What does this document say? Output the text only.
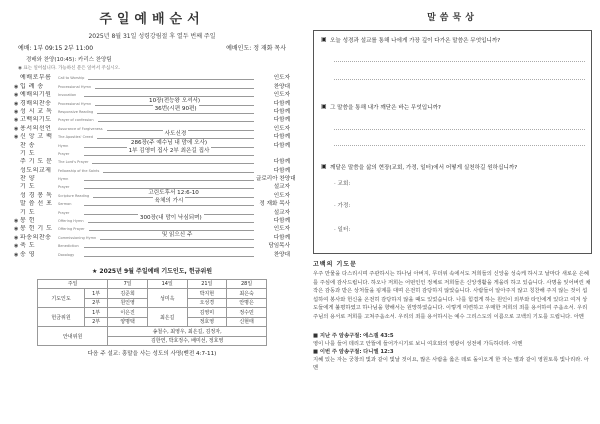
주일예배순서
2025년 8월 31일 성령강림절 후 열두 번째 주일
예배: 1부 09:15 2부 11:00	예배인도: 정 재화 목사
경배와 찬양(10:45): 카리스 찬양팀
◉ 표는 일어섭니다. 가능하신 분은 일어서 주십시오.
예배로부름	Call to Worship	인도자
◉ 입 례 송	Processional Hymn	찬양대
◉ 예배의기원	Invocation	인도자
◉ 경배의찬송	Processional Hymn	10장(전능왕 오셔서)	다함께
◉ 성 시 교 독	Responsive Reading	36번(시편 90편)	다함께
◉ 고백의기도	Prayer of confession	다함께
◉ 용서의선언	Assurance of Forgiveness	인도자
◉ 신 앙 고 백	The Apostles' Creed	사도신경	다함께
찬 송	Hymn	286장(주 예수님 내 맘에 오사)	다함께
기 도	Prayer	1부 김영미 집사 2부 최은길 집사
주 기 도 문	The Lord's Prayer	다함께
성도의교제	Fellowship of the Saints	다함께
찬 양	Hymn	글로리아 찬양대
기 도	Prayer	설교자
성 경 봉 독	Scripture Reading	고린도후서 12:6-10	인도자
말 씀 선 포	Sermon	육체의 가시	정 재화 목사
기 도	Prayer	설교자
◉ 봉 헌	Offering Hymn	300장(내 맘이 낙심되며)	다함께
◉ 봉 헌 기 도	Offering Prayer	인도자
◉ 파송의찬송	Commissioning Hymn	및 읽으신 주	다함께
◉ 축 도	Benediction	담임목사
◉ 송 영	Doxology	찬양대
★ 2025년 9월 주일예배 기도인도, 헌금위원
주일		7일	14일	21일	28일
기도인도	1부	김준희	성미옥	박지현	최은숙
	2부	원인영		오성경	안명은
헌금위원	1부	이은진	최은길	김영미	정수민
	2부	양명택		정호영	신현태
안내위원		송철수, 최영우, 최은길, 김정자,			
		김한연, 박호정수, 배미선, 정호영			
다음 주 설교: 흥말을 사는 성도의 사명(벧전 4:7-11)
말씀묵상
▣ 오늘 성경과 설교를 통해 나에게 가장 깊이 다가온 말씀은 무엇입니까?
▣ 그 말씀을 통해 내가 깨닫은 바는 무엇입니까?
▣ 깨달은 말씀을 삶의 현장(교회, 가정, 일터)에서 어떻게 실천하길 원하십니까?
· 교회:
· 가정:
· 일터:
고백의 기도문
우주 만물을 다스리시며 주관하시는 하나님 아버지, 무더위 속에서도 저희들의 신앙을 성숙케 하시고 날마다 새로운 은혜를 주심에 감사드립니다. 하오나 저희는 어떤인인 정체로 저희들은 신앙생활을 게을리 하고 있습니다. 사명을 잊어버린 채 작은 감동과 받은 상처들을 핑계를 대며 은전히 감당하지 않았습니다. 사람들이 알아주지 않고 칭찬해 주지 않는 것이 섭섭하여 봉사와 헌신을 온전히 감당하지 않을 때도 있었습니다. 나를 힘겹게 하는 원인이 외부와 타인에게 있다고 여겨 상도들에게 불평하였고 하나님을 향해서는 원망하였습니다. 이렇게 미련하고 우매한 저희의 죄를 용서하여 주옵소서. 우리 주님의 용서로 저희를 고쳐주옵소서. 우리의 죄를 용서하시는 예수 그리스도의 이름으로 고백의 기도를 드립니다. 아멘
■ 지난 주 암송구절: 에스겔 43:5
영이 나를 들어 데리고 안뜰에 들어가시기로 보니 여호와의 영광이 성전에 가득하더라. 아멘
■ 이번 주 암송구절: 다니엘 12:3
지혜 있는 자는 궁창의 빛과 같이 빛날 것이요, 많은 사람을 옳은 데로 돌이오게 한 자는 별과 같이 영원토록 빛나리라. 아멘
